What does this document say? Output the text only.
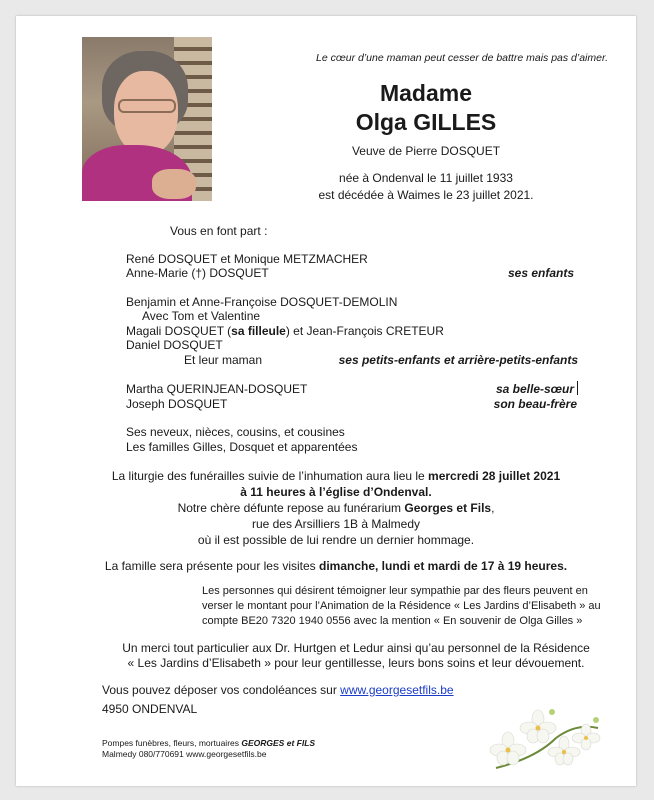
Le cœur d’une maman peut cesser de battre mais pas d’aimer.
Madame
Olga GILLES
Veuve de Pierre DOSQUET
née à Ondenval le 11 juillet 1933
est décédée à Waimes le 23 juillet 2021.
Vous en font part :
René DOSQUET et Monique METZMACHER
Anne-Marie (†) DOSQUET	ses enfants
Benjamin et Anne-Françoise DOSQUET-DEMOLIN
Avec Tom et Valentine
Magali DOSQUET (sa filleule) et Jean-François CRETEUR
Daniel DOSQUET
Et leur maman	ses petits-enfants et arrière-petits-enfants
Martha QUERINJEAN-DOSQUET	sa belle-sœur
Joseph DOSQUET	son beau-frère
Ses neveux, nièces, cousins, et cousines
Les familles Gilles, Dosquet et apparentées
La liturgie des funérailles suivie de l’inhumation aura lieu le mercredi 28 juillet 2021
à 11 heures à l’église d’Ondenval.
Notre chère défunte repose au funérarium Georges et Fils,
rue des Arsilliers 1B à Malmedy
où il est possible de lui rendre un dernier hommage.
La famille sera présente pour les visites dimanche, lundi et mardi de 17 à 19 heures.
Les personnes qui désirent témoigner leur sympathie par des fleurs peuvent en
verser le montant pour l’Animation de la Résidence « Les Jardins d’Elisabeth » au
compte BE20 7320 1940 0556 avec la mention « En souvenir de Olga Gilles »
Un merci tout particulier aux Dr. Hurtgen et Ledur ainsi qu’au personnel de la Résidence
« Les Jardins d’Elisabeth » pour leur gentillesse, leurs bons soins et leur dévouement.
Vous pouvez déposer vos condoléances sur www.georgesetfils.be
4950 ONDENVAL
Pompes funèbres, fleurs, mortuaires GEORGES et FILS
Malmedy 080/770691 www.georgesetfils.be
